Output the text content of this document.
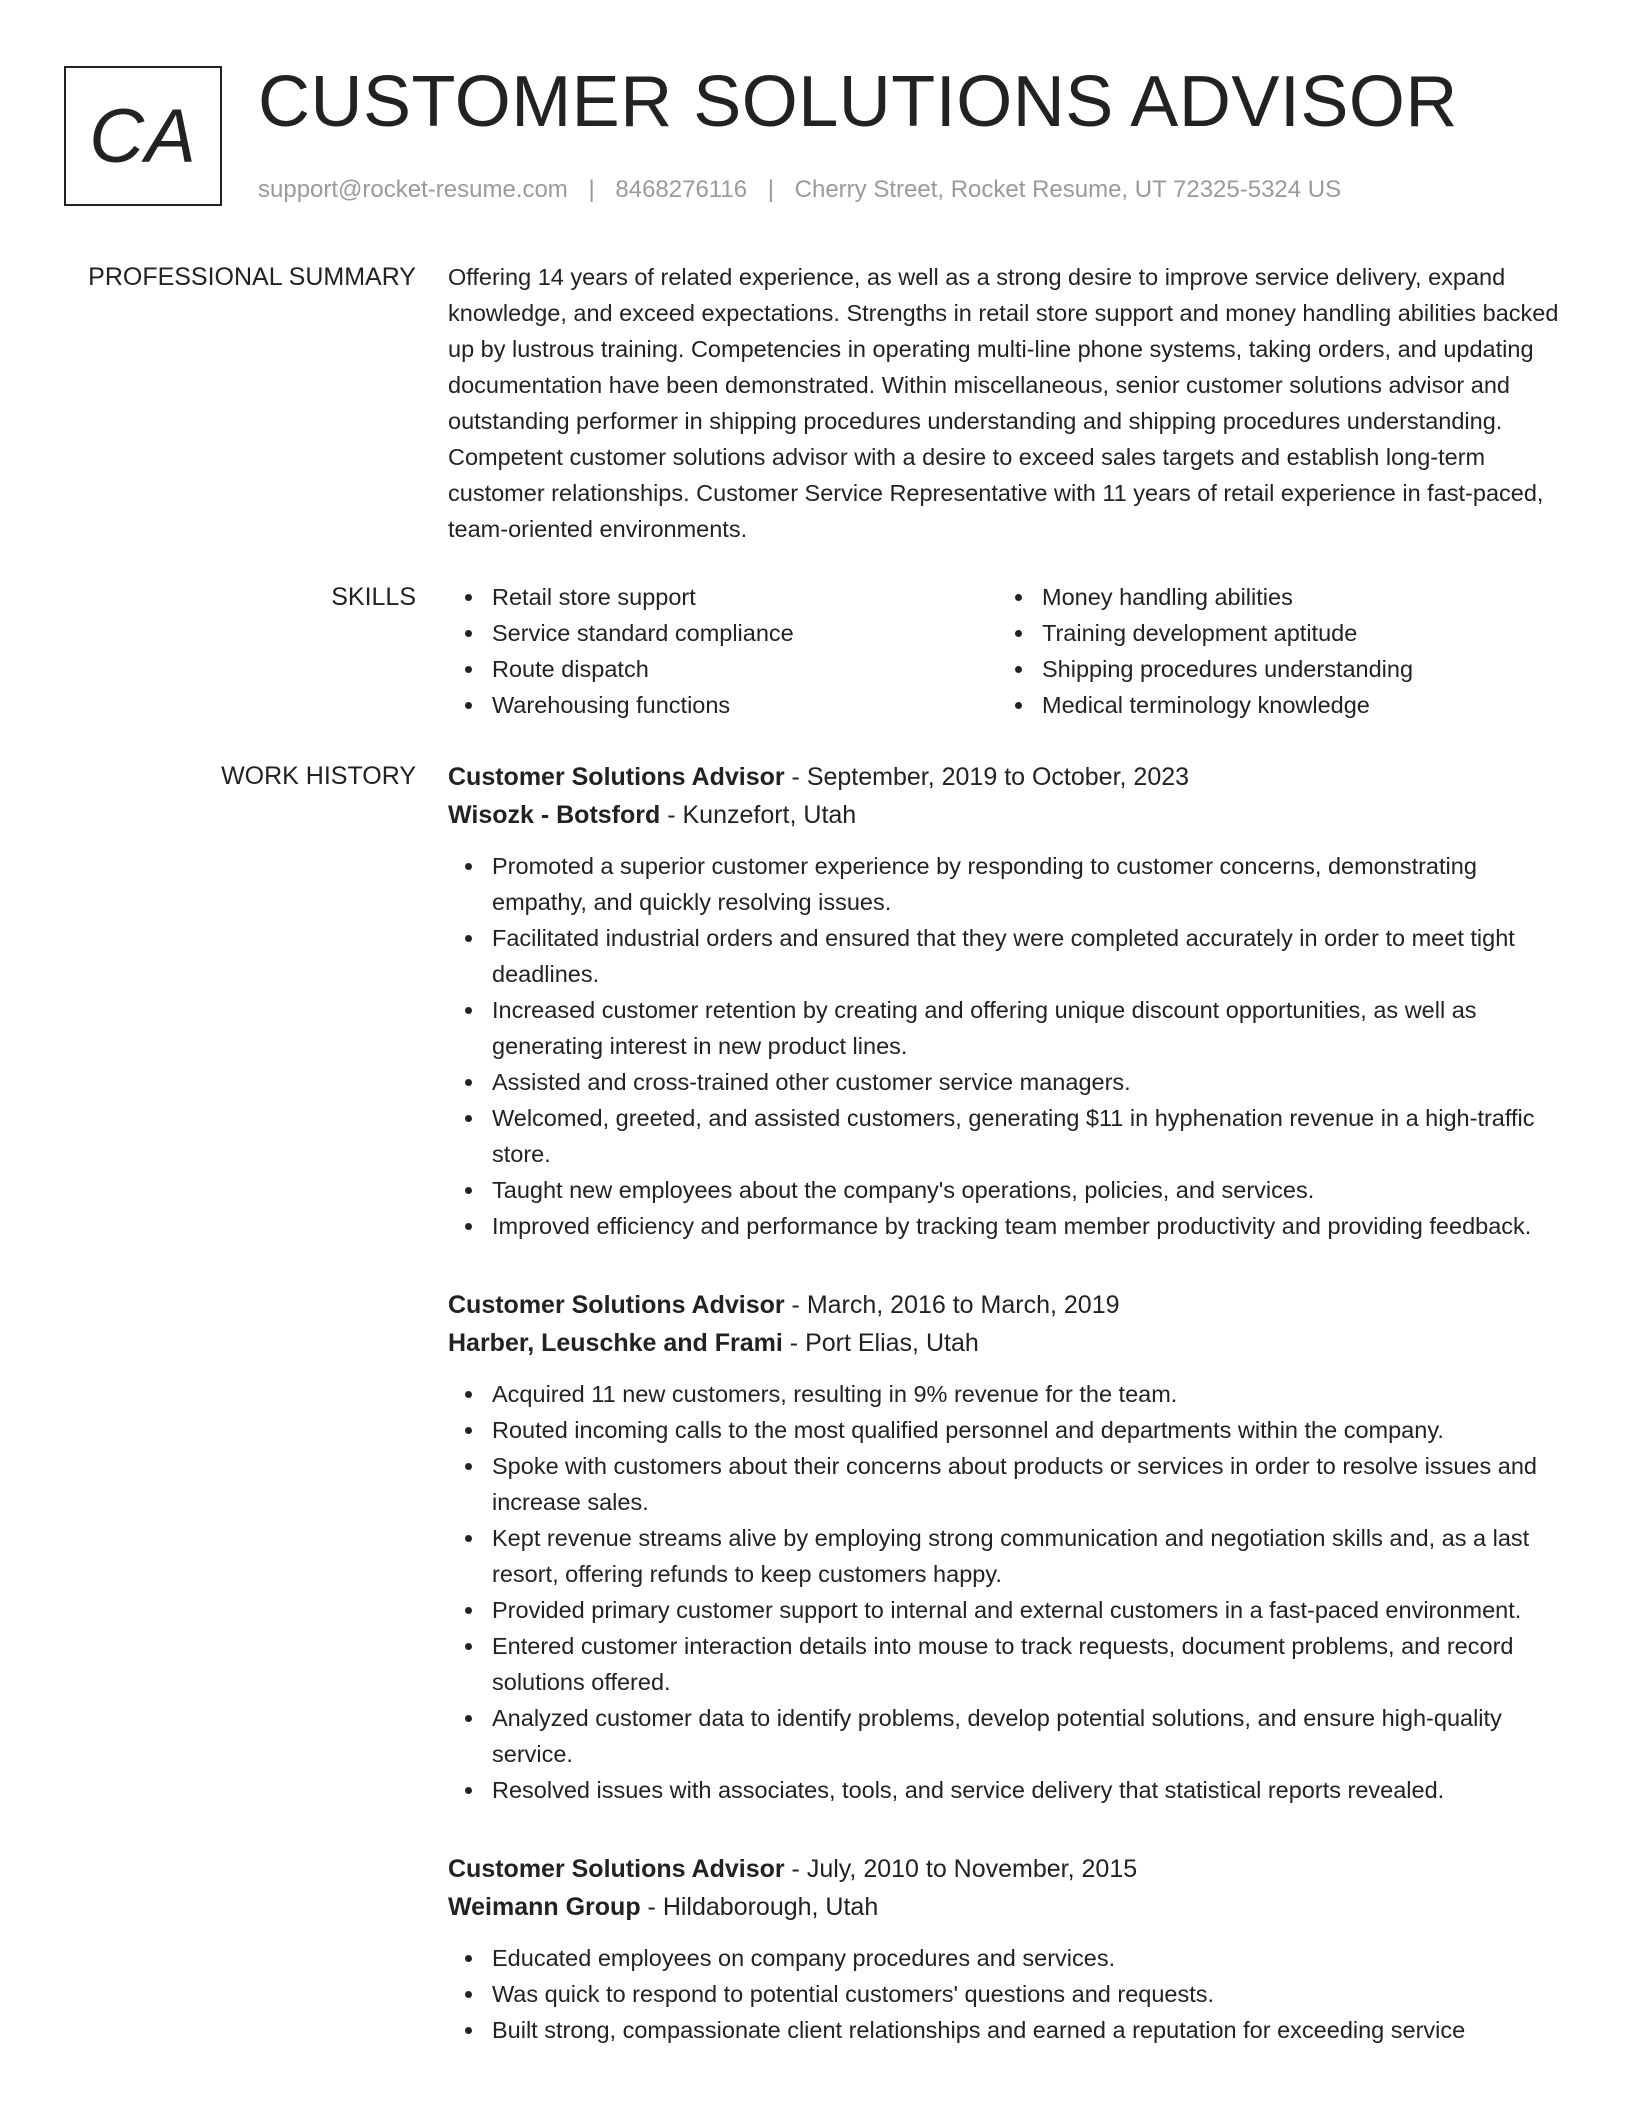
CA CUSTOMER SOLUTIONS ADVISOR
support@rocket-resume.com | 8468276116 | Cherry Street, Rocket Resume, UT 72325-5324 US
PROFESSIONAL SUMMARY Offering 14 years of related experience, as well as a strong desire to improve service delivery, expand knowledge, and exceed expectations. Strengths in retail store support and money handling abilities backed up by lustrous training. Competencies in operating multi-line phone systems, taking orders, and updating documentation have been demonstrated. Within miscellaneous, senior customer solutions advisor and outstanding performer in shipping procedures understanding and shipping procedures understanding. Competent customer solutions advisor with a desire to exceed sales targets and establish long-term customer relationships. Customer Service Representative with 11 years of retail experience in fast-paced, team-oriented environments.

SKILLS	Retail store support
Service standard compliance
Route dispatch
Warehousing functions
Money handling abilities
Training development aptitude
Shipping procedures understanding
Medical terminology knowledge
WORK HISTORY Customer Solutions Advisor - September, 2019 to October, 2023
Wisozk - Botsford - Kunzefort, Utah
Promoted a superior customer experience by responding to customer concerns, demonstrating empathy, and quickly resolving issues.
Facilitated industrial orders and ensured that they were completed accurately in order to meet tight deadlines.
Increased customer retention by creating and offering unique discount opportunities, as well as generating interest in new product lines.
Assisted and cross-trained other customer service managers.
Welcomed, greeted, and assisted customers, generating $11 in hyphenation revenue in a high-traffic store.
Taught new employees about the company's operations, policies, and services.
Improved efficiency and performance by tracking team member productivity and providing feedback.
Customer Solutions Advisor - March, 2016 to March, 2019
Harber, Leuschke and Frami - Port Elias, Utah
Acquired 11 new customers, resulting in 9% revenue for the team.
Routed incoming calls to the most qualified personnel and departments within the company.
Spoke with customers about their concerns about products or services in order to resolve issues and increase sales.
Kept revenue streams alive by employing strong communication and negotiation skills and, as a last resort, offering refunds to keep customers happy.
Provided primary customer support to internal and external customers in a fast-paced environment.
Entered customer interaction details into mouse to track requests, document problems, and record solutions offered.
Analyzed customer data to identify problems, develop potential solutions, and ensure high-quality service.
Resolved issues with associates, tools, and service delivery that statistical reports revealed.
Customer Solutions Advisor - July, 2010 to November, 2015
Weimann Group - Hildaborough, Utah
Educated employees on company procedures and services.
Was quick to respond to potential customers' questions and requests.
Built strong, compassionate client relationships and earned a reputation for exceeding service
